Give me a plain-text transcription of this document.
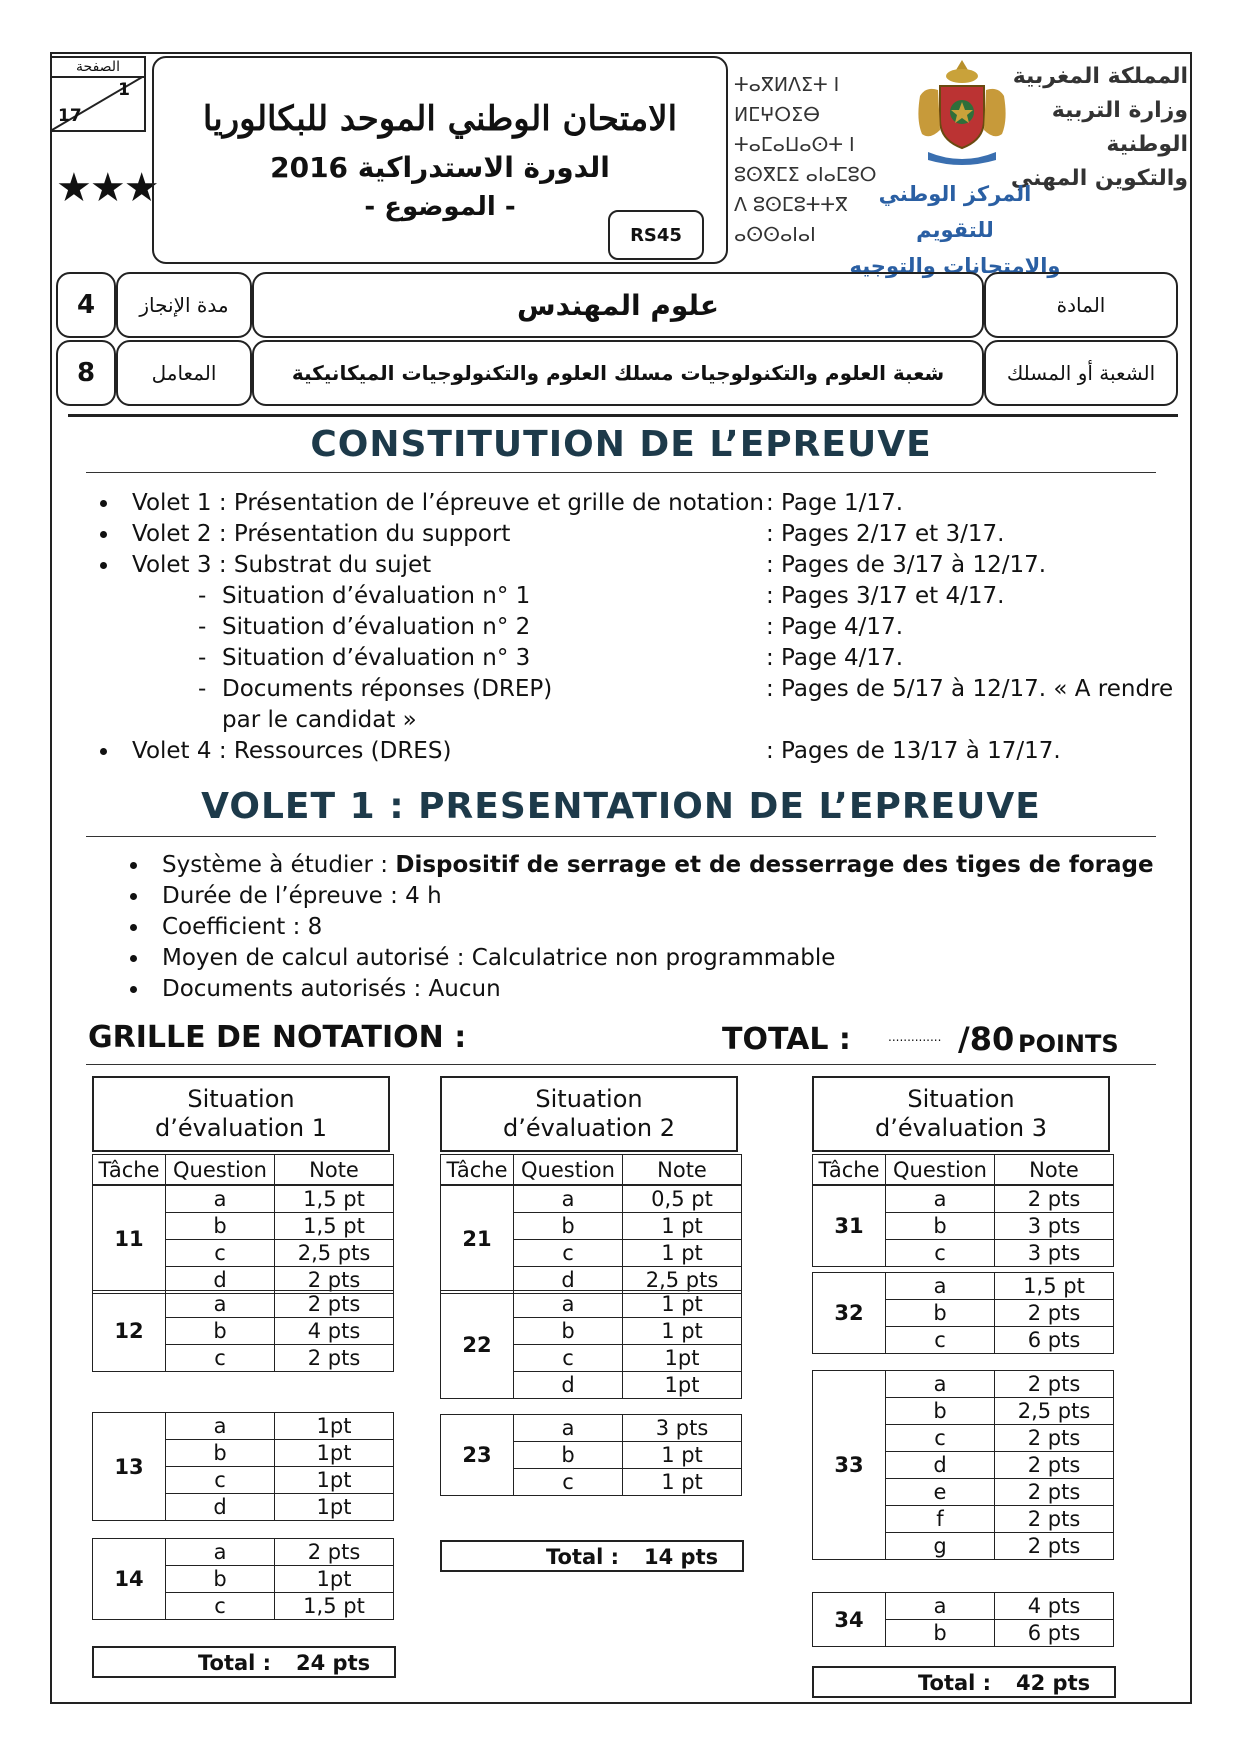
الصفحة
1
17
★★★
الامتحان الوطني الموحد للبكالوريا
الدورة الاستدراكية 2016
- الموضوع -
RS45
ⵜⴰⴳⵍⴷⵉⵜ ⵏ ⵍⵎⵖⵔⵉⴱ
ⵜⴰⵎⴰⵡⴰⵙⵜ ⵏ ⵓⵙⴳⵎⵉ ⴰⵏⴰⵎⵓⵔ
ⴷ ⵓⵙⵎⵓⵜⵜⴳ ⴰⵙⵙⴰⵏⴰⵏ
المملكة المغربية
وزارة التربية الوطنية
والتكوين المهني
المركز الوطني للتقويم
والامتحانات والتوجيه
4	مدة الإنجاز	علوم المهندس	المادة
8	المعامل	شعبة العلوم والتكنولوجيات مسلك العلوم والتكنولوجيات الميكانيكية	الشعبة أو المسلك
CONSTITUTION DE L’EPREUVE
Volet 1 : Présentation de l’épreuve et grille de notation : Page 1/17.
Volet 2 : Présentation du support	: Pages 2/17 et 3/17.
Volet 3 : Substrat du sujet	: Pages de 3/17 à 12/17.
- Situation d’évaluation n° 1	: Pages 3/17 et 4/17.
- Situation d’évaluation n° 2	: Page 4/17.
- Situation d’évaluation n° 3	: Page 4/17.
- Documents réponses (DREP)	: Pages de 5/17 à 12/17. « A rendre
par le candidat »
Volet 4 : Ressources (DRES)	: Pages de 13/17 à 17/17.
VOLET 1 : PRESENTATION DE L’EPREUVE
Système à étudier : Dispositif de serrage et de desserrage des tiges de forage
Durée de l’épreuve : 4 h
Coefficient : 8
Moyen de calcul autorisé : Calculatrice non programmable
Documents autorisés : Aucun
GRILLE DE NOTATION :	TOTAL :	.............. /80 POINTS
Situation
d’évaluation 1
Tâche	Question	Note
11	a	1,5 pt
	b	1,5 pt
	c	2,5 pts
	d	2 pts
12	a	2 pts
	b	4 pts
	c	2 pts
13	a	1pt
	b	1pt
	c	1pt
	d	1pt
14	a	2 pts
	b	1pt
	c	1,5 pt
Total : 24 pts
Situation
d’évaluation 2
Tâche	Question	Note
21	a	0,5 pt
	b	1 pt
	c	1 pt
	d	2,5 pts
22	a	1 pt
	b	1 pt
	c	1pt
	d	1pt
23	a	3 pts
	b	1 pt
	c	1 pt
Total : 14 pts
Situation
d’évaluation 3
Tâche	Question	Note
31	a	2 pts
	b	3 pts
	c	3 pts
32	a	1,5 pt
	b	2 pts
	c	6 pts
33	a	2 pts
	b	2,5 pts
	c	2 pts
	d	2 pts
	e	2 pts
	f	2 pts
	g	2 pts
34	a	4 pts
	b	6 pts
Total : 42 pts
